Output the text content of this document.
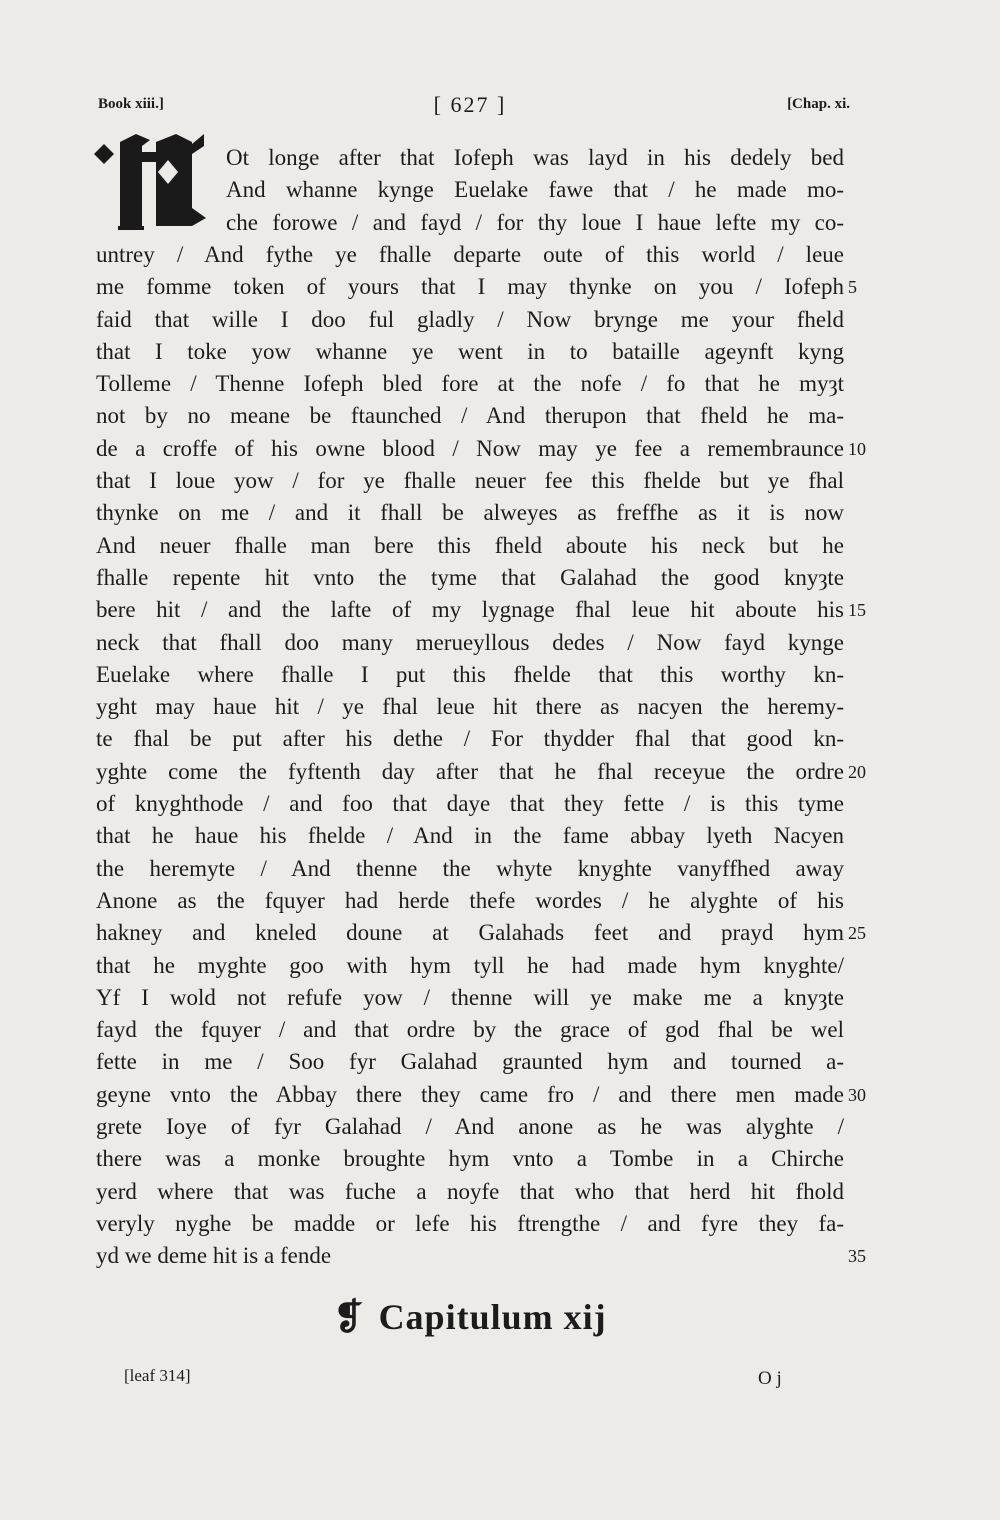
Book xiii.]	[ 627 ]	[Chap. xi.
Ot longe after that Iofeph was layd in his dedely bed
And whanne kynge Euelake fawe that / he made mo-
che forowe / and fayd / for thy loue I haue lefte my co-
untrey / And fythe ye fhalle departe oute of this world / leue
me fomme token of yours that I may thynke on you / Iofeph
faid that wille I doo ful gladly / Now brynge me your fheld
that I toke yow whanne ye went in to bataille ageynft kyng
Tolleme / Thenne Iofeph bled fore at the nofe / fo that he myȝt
not by no meane be ftaunched / And therupon that fheld he ma-
de a croffe of his owne blood / Now may ye fee a remembraunce
that I loue yow / for ye fhalle neuer fee this fhelde but ye fhal
thynke on me / and it fhall be alweyes as freffhe as it is now
And neuer fhalle man bere this fheld aboute his neck but he
fhalle repente hit vnto the tyme that Galahad the good knyȝte
bere hit / and the lafte of my lygnage fhal leue hit aboute his
neck that fhall doo many merueyllous dedes / Now fayd kynge
Euelake where fhalle I put this fhelde that this worthy kn-
yght may haue hit / ye fhal leue hit there as nacyen the heremy-
te fhal be put after his dethe / For thydder fhal that good kn-
yghte come the fyftenth day after that he fhal receyue the ordre
of knyghthode / and foo that daye that they fette / is this tyme
that he haue his fhelde / And in the fame abbay lyeth Nacyen
the heremyte / And thenne the whyte knyghte vanyffhed away
Anone as the fquyer had herde thefe wordes / he alyghte of his
hakney and kneled doune at Galahads feet and prayd hym
that he myghte goo with hym tyll he had made hym knyghte/
Yf I wold not refufe yow / thenne will ye make me a knyȝte
fayd the fquyer / and that ordre by the grace of god fhal be wel
fette in me / Soo fyr Galahad graunted hym and tourned a-
geyne vnto the Abbay there they came fro / and there men made
grete Ioye of fyr Galahad / And anone as he was alyghte /
there was a monke broughte hym vnto a Tombe in a Chirche
yerd where that was fuche a noyfe that who that herd hit fhold
veryly nyghe be madde or lefe his ftrengthe / and fyre they fa-
yd we deme hit is a fende
5
10
15
20
25
30
35
❡ Capitulum xij
[leaf 314]	O j
